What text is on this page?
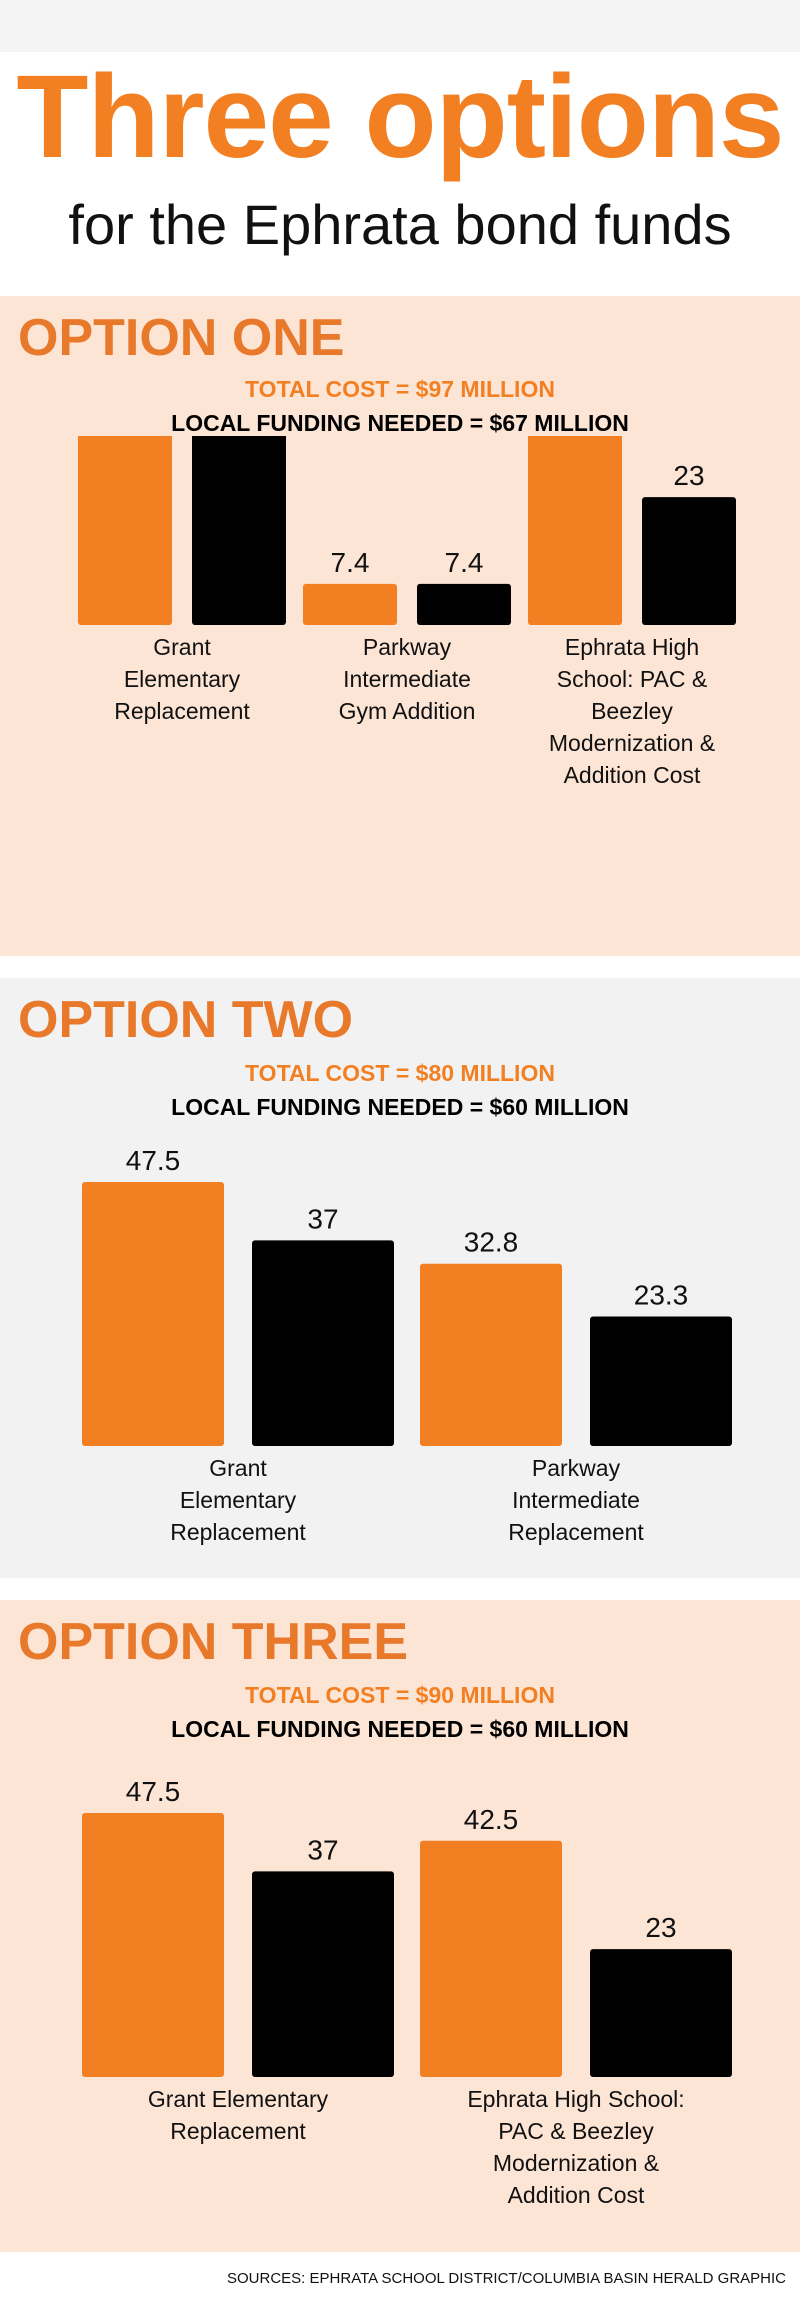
Three options
for the Ephrata bond funds
OPTION ONE
TOTAL COST = $97 MILLION
LOCAL FUNDING NEEDED = $67 MILLION
Grant
Elementary
Replacement
7.4	7.4
Parkway
Intermediate
Gym Addition
23
Ephrata High
School: PAC &
Beezley
Modernization &
Addition Cost
OPTION TWO
TOTAL COST = $80 MILLION
LOCAL FUNDING NEEDED = $60 MILLION
47.5
37
Grant
Elementary
Replacement
32.8
23.3
Parkway
Intermediate
Replacement
OPTION THREE
TOTAL COST = $90 MILLION
LOCAL FUNDING NEEDED = $60 MILLION
47.5
37
Grant Elementary
Replacement
42.5
23
Ephrata High School:
PAC & Beezley
Modernization &
Addition Cost
SOURCES: EPHRATA SCHOOL DISTRICT/COLUMBIA BASIN HERALD GRAPHIC
